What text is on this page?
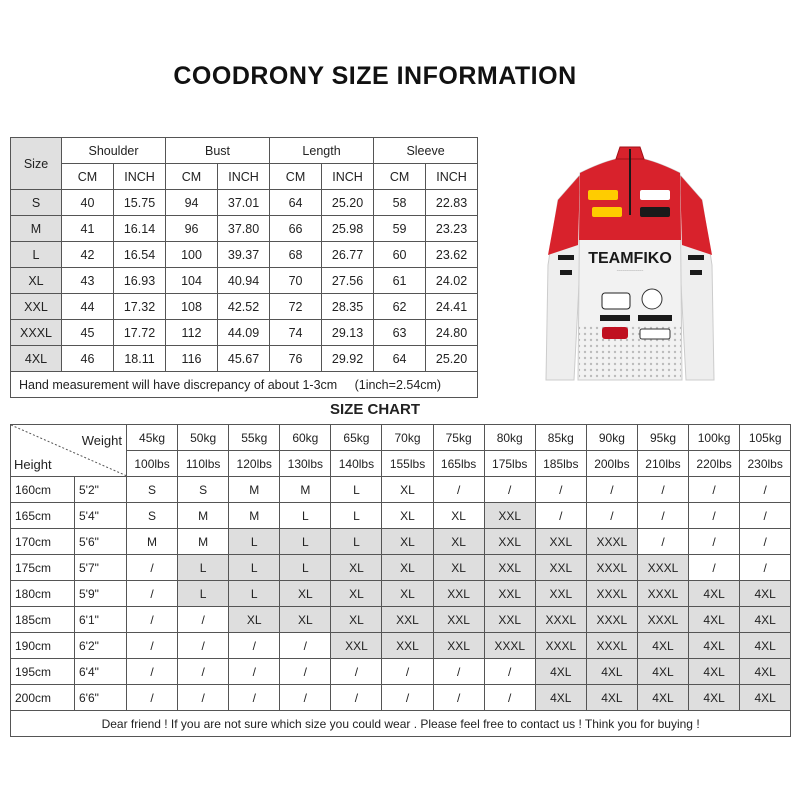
COODRONY SIZE INFORMATION
Size	Shoulder		Bust		Length		Sleeve	
	CM	INCH	CM	INCH	CM	INCH	CM	INCH
S	40	15.75	94	37.01	64	25.20	58	22.83
M	41	16.14	96	37.80	66	25.98	59	23.23
L	42	16.54	100	39.37	68	26.77	60	23.62
XL	43	16.93	104	40.94	70	27.56	61	24.02
XXL	44	17.32	108	42.52	72	28.35	62	24.41
XXXL	45	17.72	112	44.09	74	29.13	63	24.80
4XL	46	18.11	116	45.67	76	29.92	64	25.20
Hand measurement will have discrepancy of about 1-3cm (1inch=2.54cm)								
TEAMFIKO
~~~~~~~~~~~~~
SIZE CHART
Weight
Height		45kg	50kg	55kg	60kg	65kg	70kg	75kg	80kg	85kg	90kg	95kg	100kg	105kg
		100lbs	110lbs	120lbs	130lbs	140lbs	155lbs	165lbs	175lbs	185lbs	200lbs	210lbs	220lbs	230lbs
160cm	5'2"	S	S	M	M	L	XL	/	/	/	/	/	/	/
165cm	5'4"	S	M	M	L	L	XL	XL	XXL	/	/	/	/	/
170cm	5'6"	M	M	L	L	L	XL	XL	XXL	XXL	XXXL	/	/	/
175cm	5'7"	/	L	L	L	XL	XL	XL	XXL	XXL	XXXL	XXXL	/	/
180cm	5'9"	/	L	L	XL	XL	XL	XXL	XXL	XXL	XXXL	XXXL	4XL	4XL
185cm	6'1"	/	/	XL	XL	XL	XXL	XXL	XXL	XXXL	XXXL	XXXL	4XL	4XL
190cm	6'2"	/	/	/	/	XXL	XXL	XXL	XXXL	XXXL	XXXL	4XL	4XL	4XL
195cm	6'4"	/	/	/	/	/	/	/	/	4XL	4XL	4XL	4XL	4XL
200cm	6'6"	/	/	/	/	/	/	/	/	4XL	4XL	4XL	4XL	4XL
Dear friend ! If you are not sure which size you could wear . Please feel free to contact us ! Think you for buying !														
